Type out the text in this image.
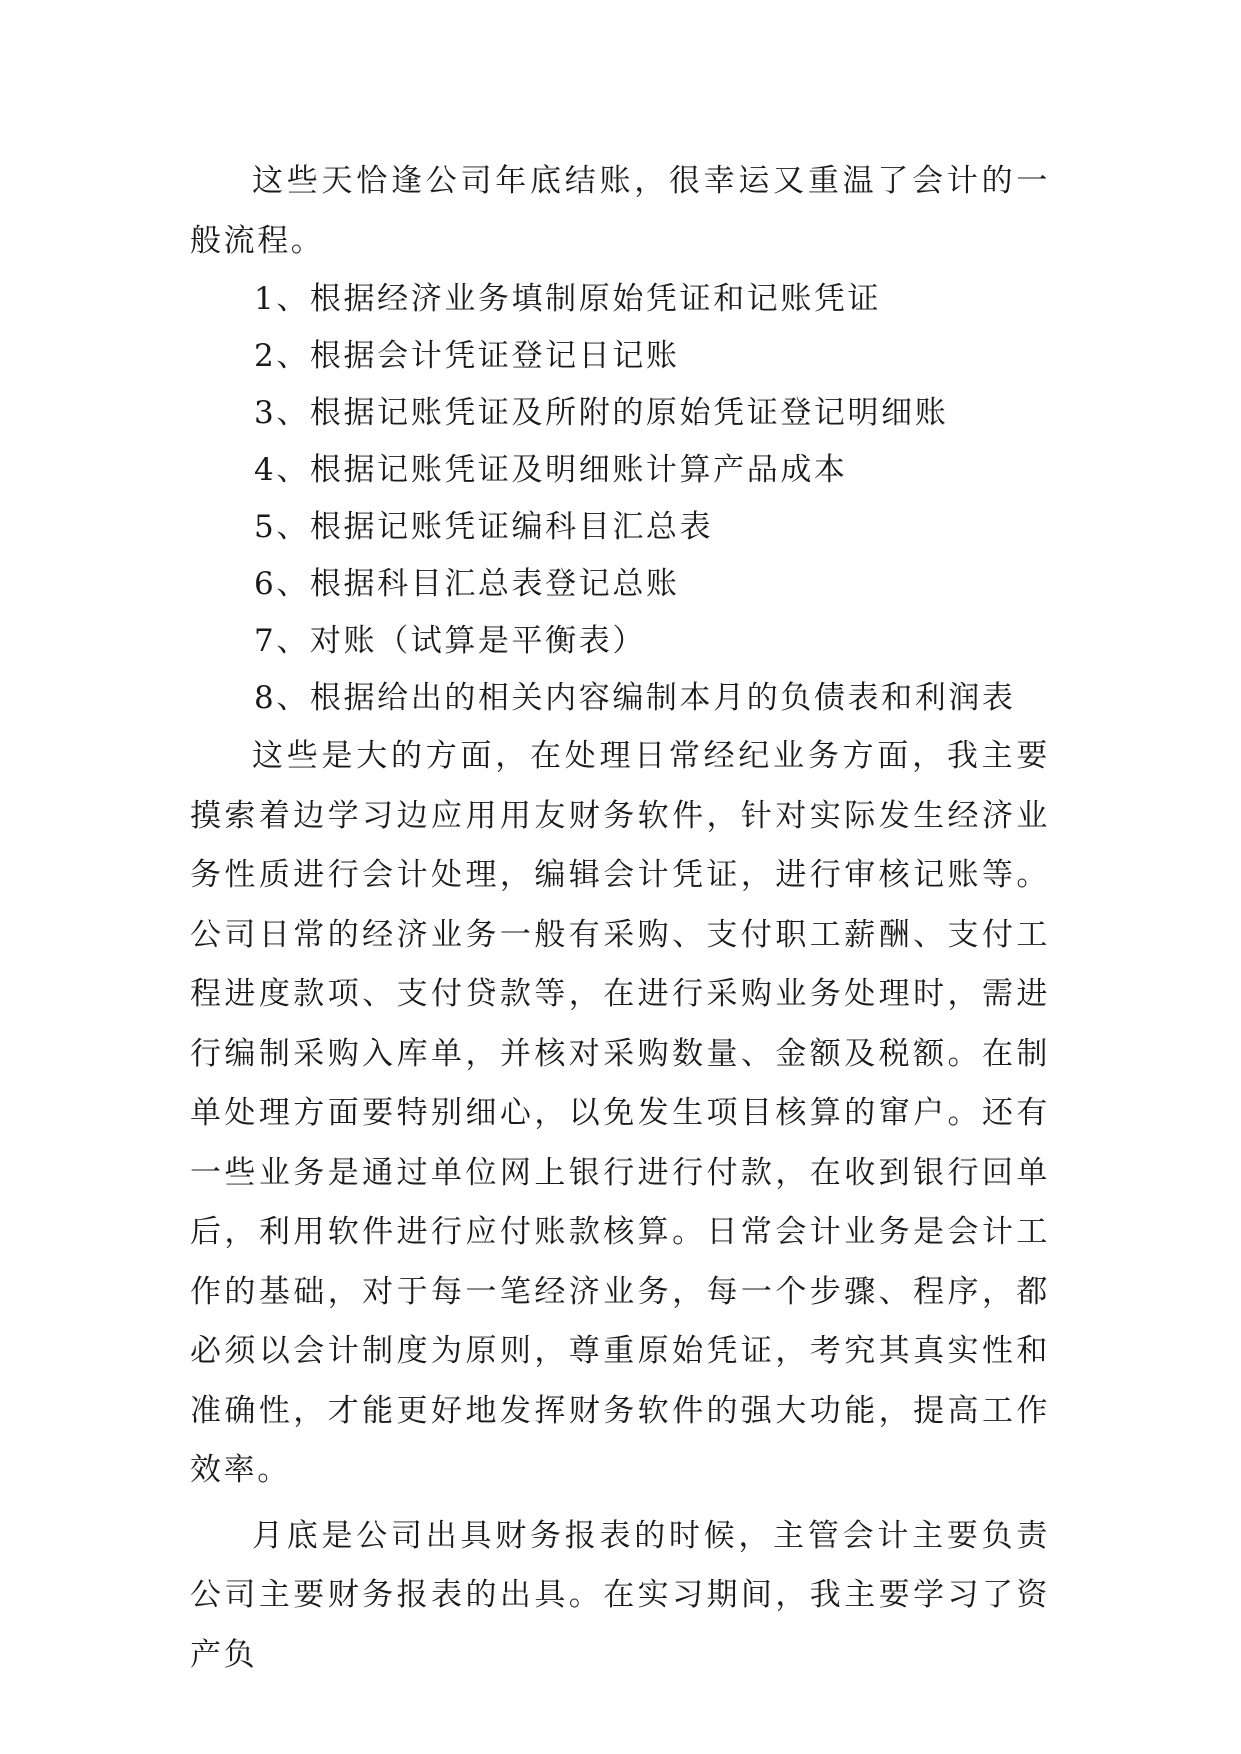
这些天恰逢公司年底结账，很幸运又重温了会计的一般流程。

1、根据经济业务填制原始凭证和记账凭证
2、根据会计凭证登记日记账
3、根据记账凭证及所附的原始凭证登记明细账
4、根据记账凭证及明细账计算产品成本
5、根据记账凭证编科目汇总表
6、根据科目汇总表登记总账
7、对账（试算是平衡表）
8、根据给出的相关内容编制本月的负债表和利润表

这些是大的方面，在处理日常经纪业务方面，我主要摸索着边学习边应用用友财务软件，针对实际发生经济业务性质进行会计处理，编辑会计凭证，进行审核记账等。公司日常的经济业务一般有采购、支付职工薪酬、支付工程进度款项、支付贷款等，在进行采购业务处理时，需进行编制采购入库单，并核对采购数量、金额及税额。在制单处理方面要特别细心，以免发生项目核算的窜户。还有一些业务是通过单位网上银行进行付款，在收到银行回单后，利用软件进行应付账款核算。日常会计业务是会计工作的基础，对于每一笔经济业务，每一个步骤、程序，都必须以会计制度为原则，尊重原始凭证，考究其真实性和准确性，才能更好地发挥财务软件的强大功能，提高工作效率。

月底是公司出具财务报表的时候，主管会计主要负责公司主要财务报表的出具。在实习期间，我主要学习了资产负
